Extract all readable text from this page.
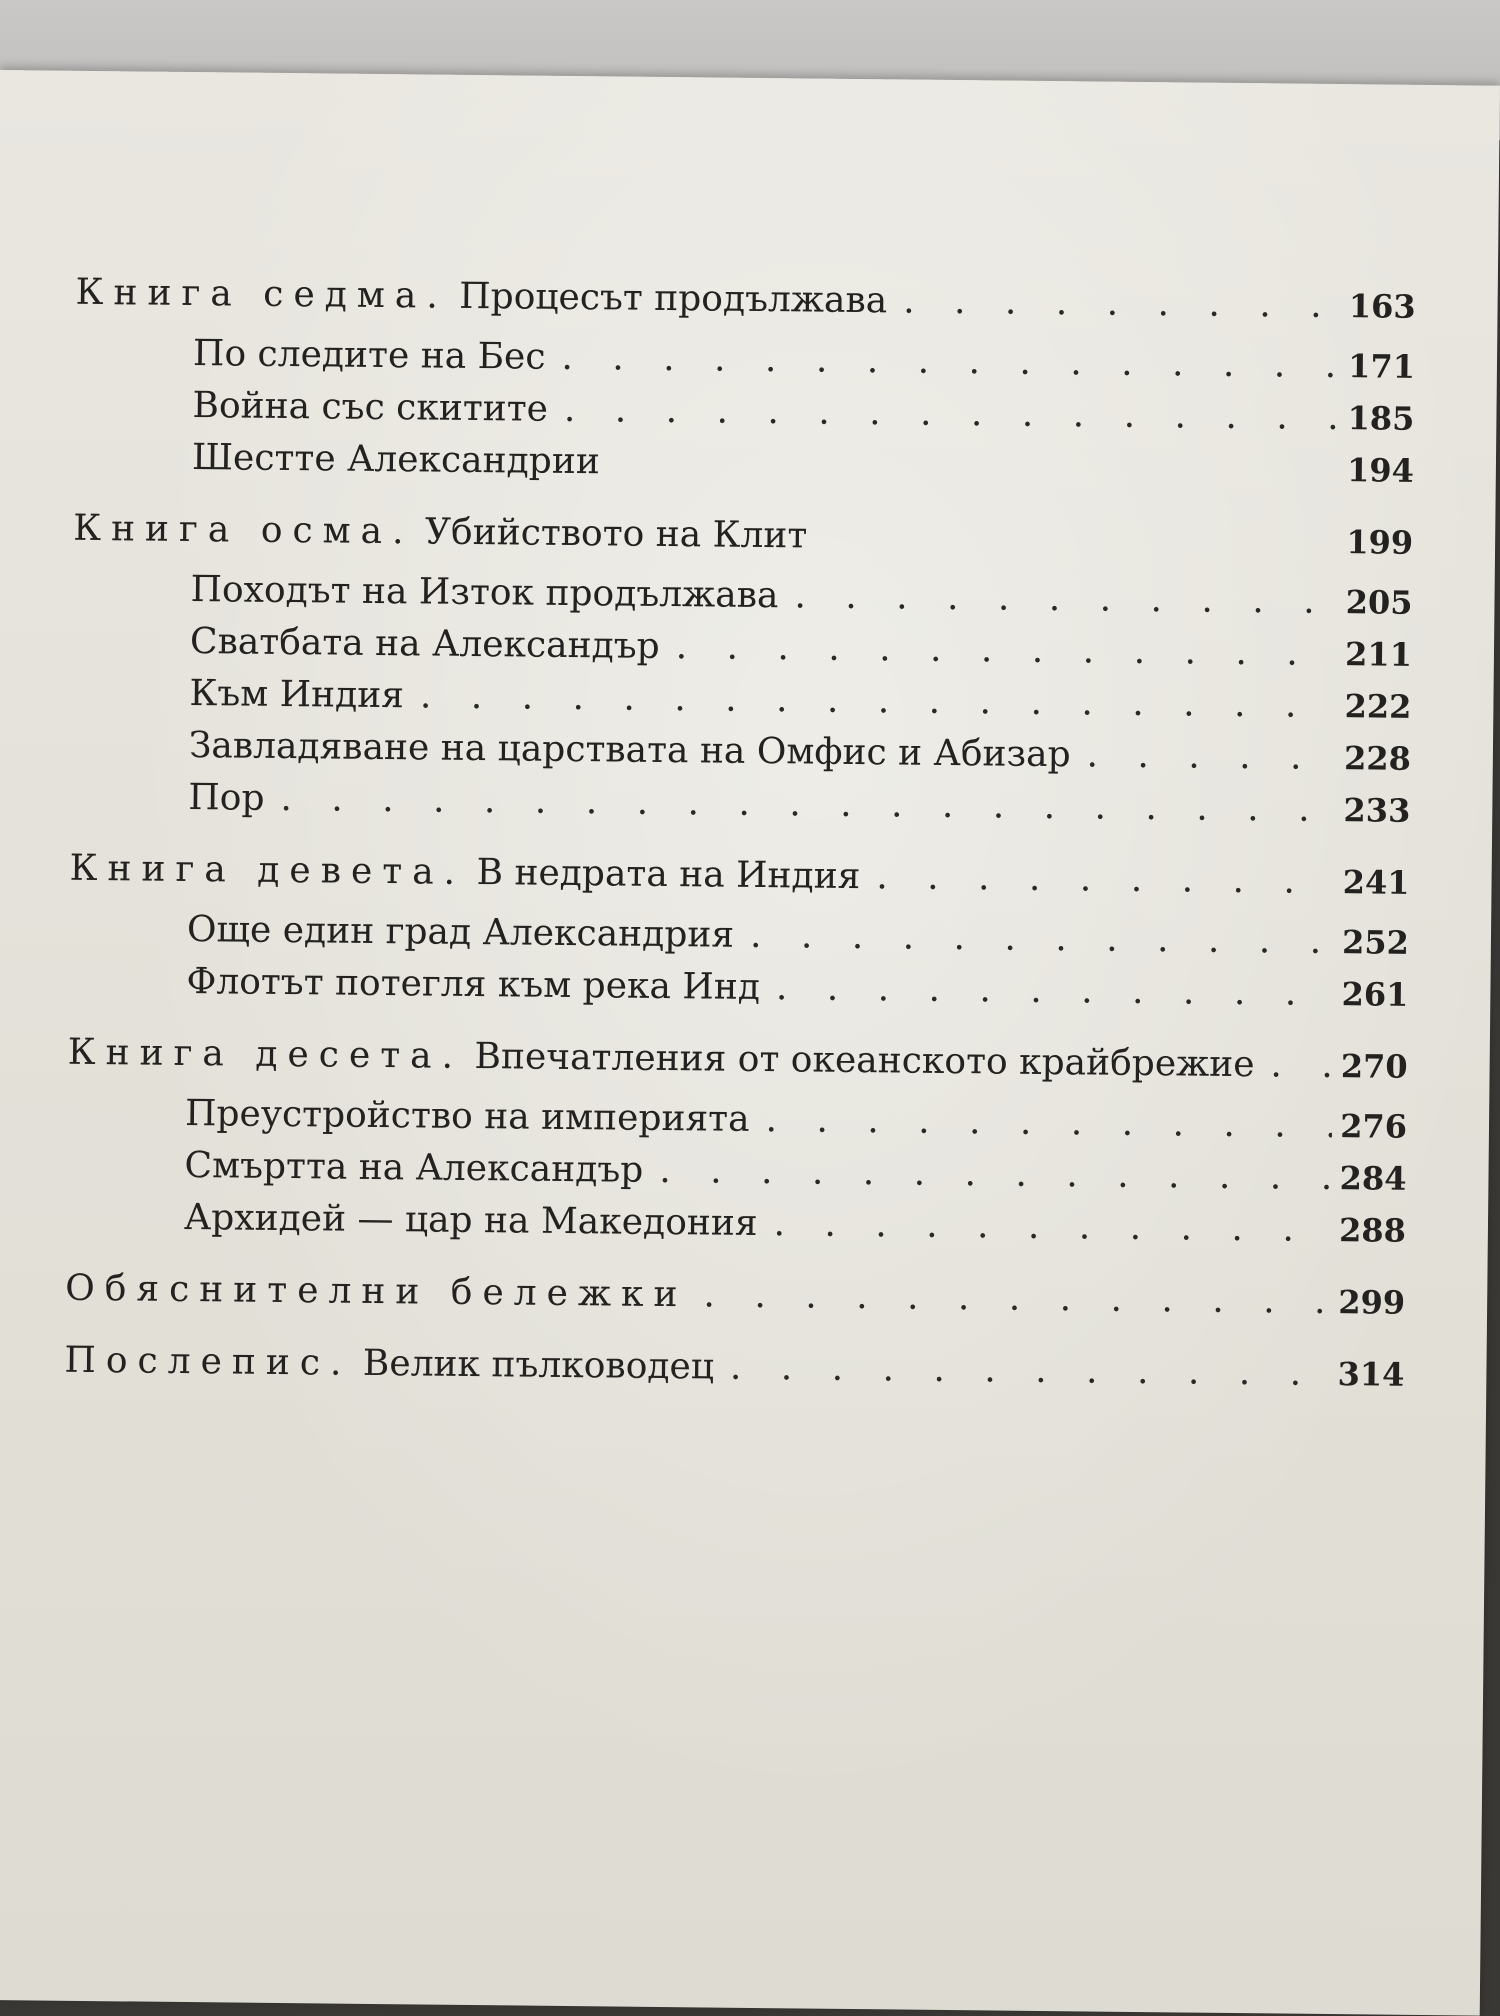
Книга седма. Процесът продължава . . .	163
По следите на Бес . . .	171
Война със скитите . . .	185
Шестте Александрии	194
Книга осма. Убийството на Клит	199
Походът на Изток продължава . . .	205
Сватбата на Александър . . .	211
Към Индия . . .	222
Завладяване на царствата на Омфис и Абизар . . .	228
Пор . . .	233
Книга девета. В недрата на Индия . . .	241
Още един град Александрия . . .	252
Флотът потегля към река Инд . . .	261
Книга десета. Впечатления от океанското крайбрежие . . .	270
Преустройство на империята . . .	276
Смъртта на Александър . . .	284
Архидей — цар на Македония . . .	288
Обяснителни бележки . . .	299
Послепис. Велик пълководец . . .	314
